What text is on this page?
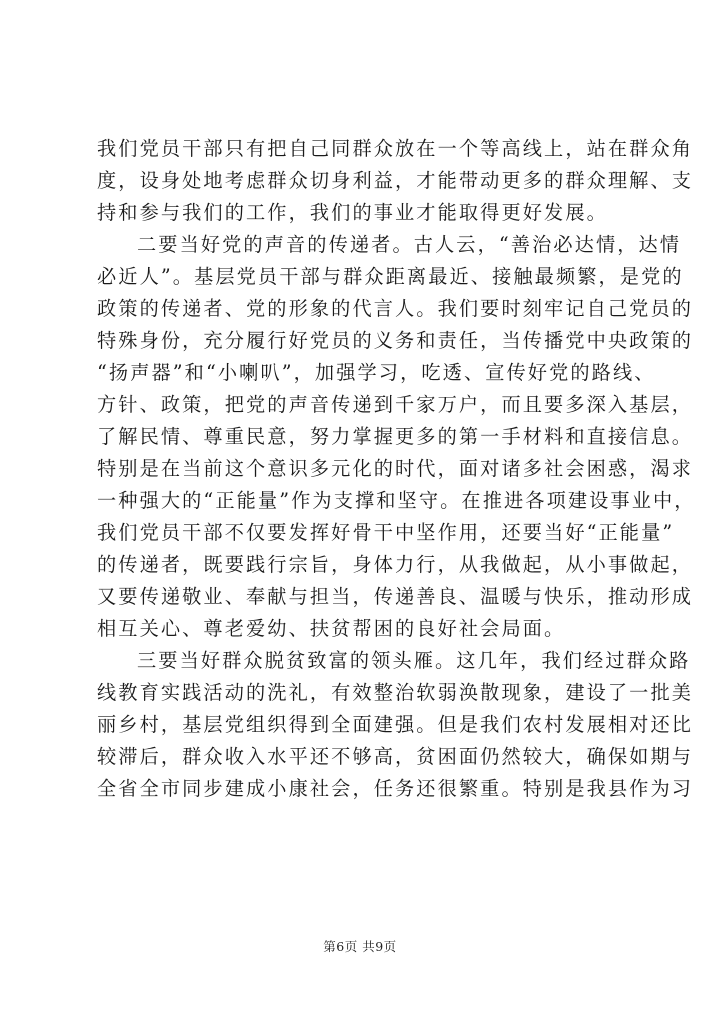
我们党员干部只有把自己同群众放在一个等高线上，站在群众角
度，设身处地考虑群众切身利益，才能带动更多的群众理解、支
持和参与我们的工作，我们的事业才能取得更好发展。
二要当好党的声音的传递者。古人云，“善治必达情，达情
必近人”。基层党员干部与群众距离最近、接触最频繁，是党的
政策的传递者、党的形象的代言人。我们要时刻牢记自己党员的
特殊身份，充分履行好党员的义务和责任，当传播党中央政策的
“扬声器”和“小喇叭”，加强学习，吃透、宣传好党的路线、
方针、政策，把党的声音传递到千家万户，而且要多深入基层，
了解民情、尊重民意，努力掌握更多的第一手材料和直接信息。
特别是在当前这个意识多元化的时代，面对诸多社会困惑，渴求
一种强大的“正能量”作为支撑和坚守。在推进各项建设事业中，
我们党员干部不仅要发挥好骨干中坚作用，还要当好“正能量”
的传递者，既要践行宗旨，身体力行，从我做起，从小事做起，
又要传递敬业、奉献与担当，传递善良、温暖与快乐，推动形成
相互关心、尊老爱幼、扶贫帮困的良好社会局面。
三要当好群众脱贫致富的领头雁。这几年，我们经过群众路
线教育实践活动的洗礼，有效整治软弱涣散现象，建设了一批美
丽乡村，基层党组织得到全面建强。但是我们农村发展相对还比
较滞后，群众收入水平还不够高，贫困面仍然较大，确保如期与
全省全市同步建成小康社会，任务还很繁重。特别是我县作为习
第6页 共9页
